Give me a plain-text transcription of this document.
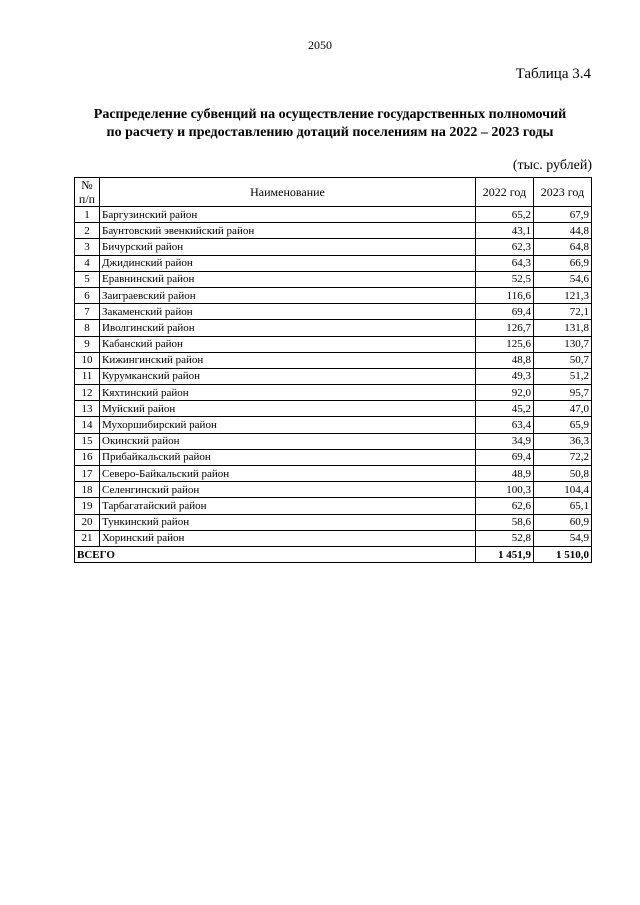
2050
Таблица 3.4
Распределение субвенций на осуществление государственных полномочий
по расчету и предоставлению дотаций поселениям на 2022 – 2023 годы
(тыс. рублей)
№
п/п	Наименование	2022 год	2023 год
1	Баргузинский район	65,2	67,9
2	Баунтовский эвенкийский район	43,1	44,8
3	Бичурский район	62,3	64,8
4	Джидинский район	64,3	66,9
5	Еравнинский район	52,5	54,6
6	Заиграевский район	116,6	121,3
7	Закаменский район	69,4	72,1
8	Иволгинский район	126,7	131,8
9	Кабанский район	125,6	130,7
10	Кижингинский район	48,8	50,7
11	Курумканский район	49,3	51,2
12	Кяхтинский район	92,0	95,7
13	Муйский район	45,2	47,0
14	Мухоршибирский район	63,4	65,9
15	Окинский район	34,9	36,3
16	Прибайкальский район	69,4	72,2
17	Северо-Байкальский район	48,9	50,8
18	Селенгинский район	100,3	104,4
19	Тарбагатайский район	62,6	65,1
20	Тункинский район	58,6	60,9
21	Хоринский район	52,8	54,9
ВСЕГО		1 451,9	1 510,0
